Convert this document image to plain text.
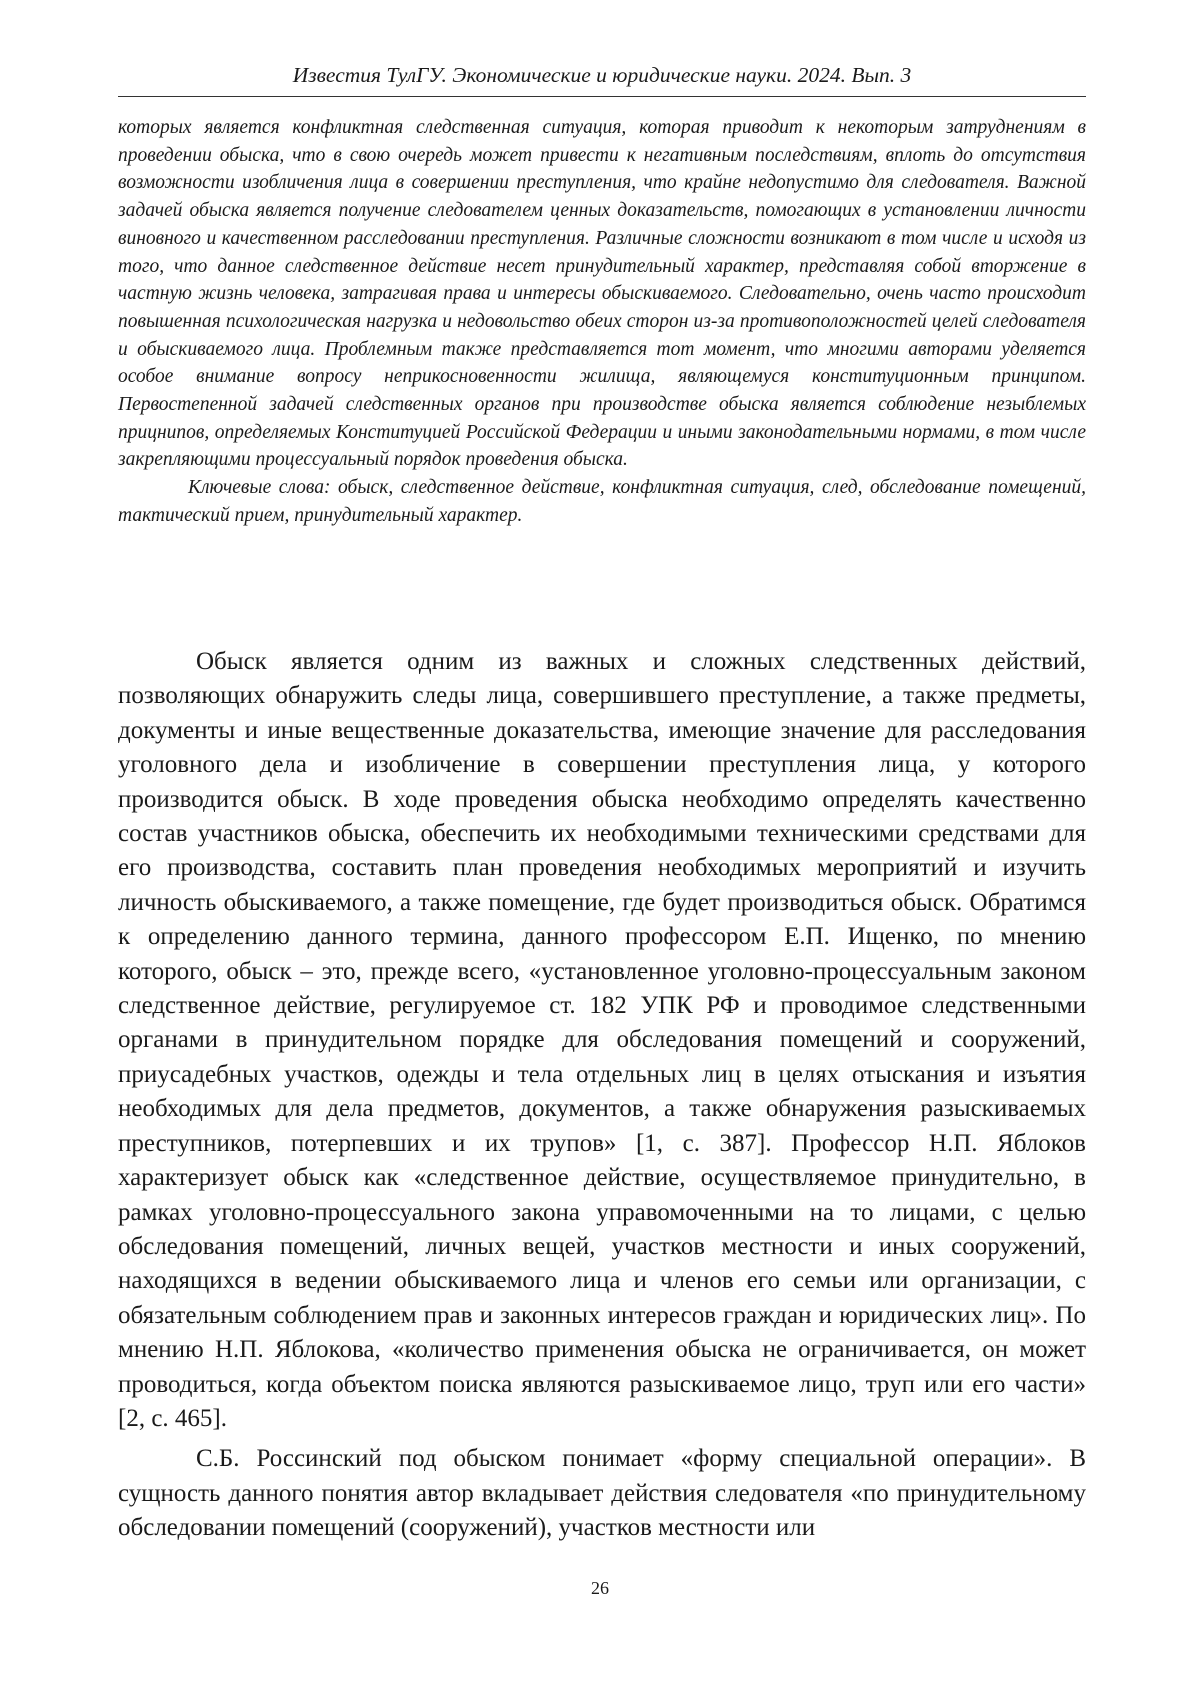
Известия ТулГУ. Экономические и юридические науки. 2024. Вып. 3

которых является конфликтная следственная ситуация, которая приводит к некоторым затруднениям в проведении обыска, что в свою очередь может привести к негативным последствиям, вплоть до отсутствия возможности изобличения лица в совершении преступления, что крайне недопустимо для следователя. Важной задачей обыска является получение следователем ценных доказательств, помогающих в установлении личности виновного и качественном расследовании преступления. Различные сложности возникают в том числе и исходя из того, что данное следственное действие несет принудительный характер, представляя собой вторжение в частную жизнь человека, затрагивая права и интересы обыскиваемого. Следовательно, очень часто происходит повышенная психологическая нагрузка и недовольство обеих сторон из-за противоположностей целей следователя и обыскиваемого лица. Проблемным также представляется тот момент, что многими авторами уделяется особое внимание вопросу неприкосновенности жилища, являющемуся конституционным принципом. Первостепенной задачей следственных органов при производстве обыска является соблюдение незыблемых прицнипов, определяемых Конституцией Российской Федерации и иными законодательными нормами, в том числе закрепляющими процессуальный порядок проведения обыска.

Ключевые слова: обыск, следственное действие, конфликтная ситуация, след, обследование помещений, тактический прием, принудительный характер.

Обыск является одним из важных и сложных следственных действий, позволяющих обнаружить следы лица, совершившего преступление, а также предметы, документы и иные вещественные доказательства, имеющие значение для расследования уголовного дела и изобличение в совершении преступления лица, у которого производится обыск. В ходе проведения обыска необходимо определять качественно состав участников обыска, обеспечить их необходимыми техническими средствами для его производства, составить план проведения необходимых мероприятий и изучить личность обыскиваемого, а также помещение, где будет производиться обыск. Обратимся к определению данного термина, данного профессором Е.П. Ищенко, по мнению которого, обыск – это, прежде всего, «установленное уголовно-процессуальным законом следственное действие, регулируемое ст. 182 УПК РФ и проводимое следственными органами в принудительном порядке для обследования помещений и сооружений, приусадебных участков, одежды и тела отдельных лиц в целях отыскания и изъятия необходимых для дела предметов, документов, а также обнаружения разыскиваемых преступников, потерпевших и их трупов» [1, с. 387]. Профессор Н.П. Яблоков характеризует обыск как «следственное действие, осуществляемое принудительно, в рамках уголовно-процессуального закона управомоченными на то лицами, с целью обследования помещений, личных вещей, участков местности и иных сооружений, находящихся в ведении обыскиваемого лица и членов его семьи или организации, с обязательным соблюдением прав и законных интересов граждан и юридических лиц». По мнению Н.П. Яблокова, «количество применения обыска не ограничивается, он может проводиться, когда объектом поиска являются разыскиваемое лицо, труп или его части» [2, с. 465].

С.Б. Россинский под обыском понимает «форму специальной операции». В сущность данного понятия автор вкладывает действия следователя «по принудительному обследовании помещений (сооружений), участков местности или

26
